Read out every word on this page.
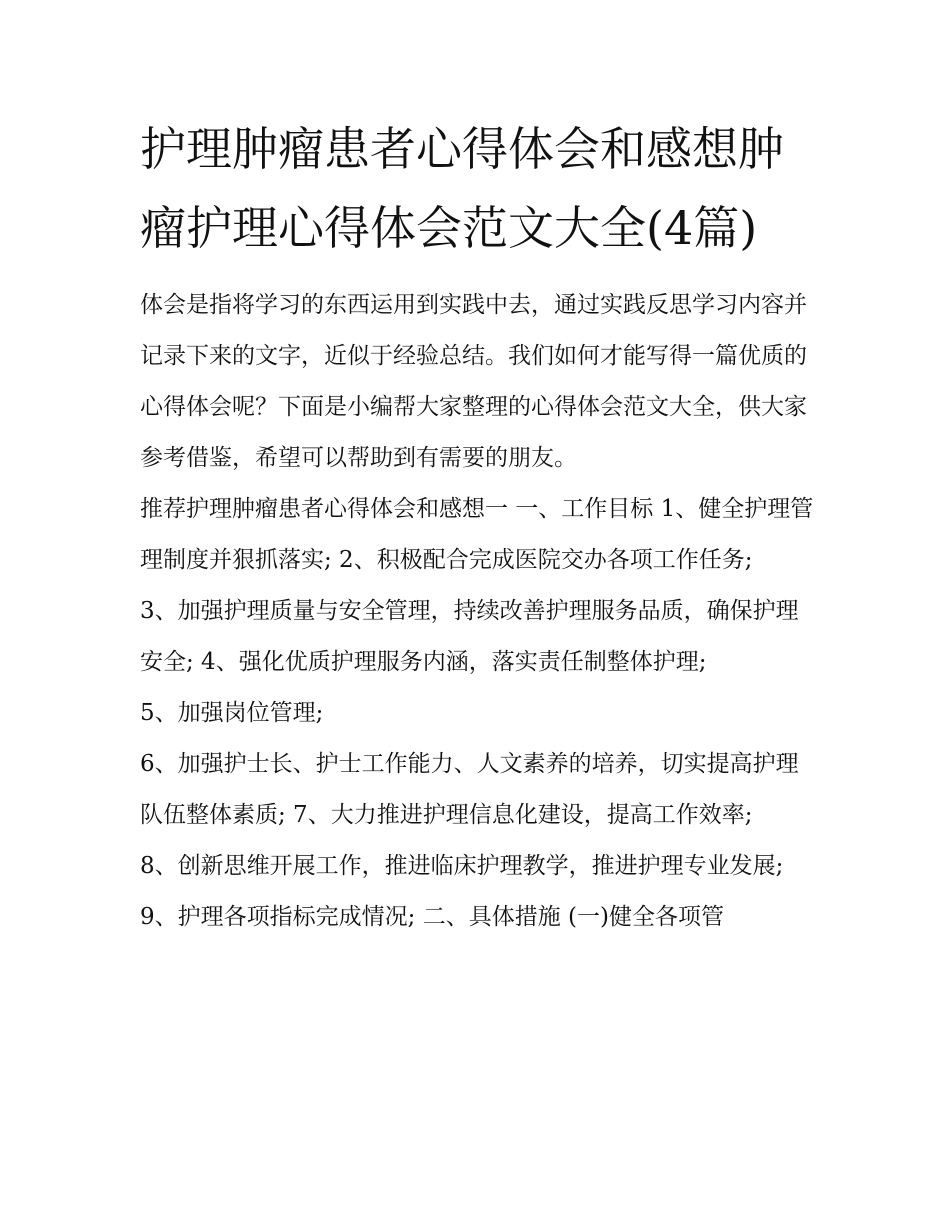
护理肿瘤患者心得体会和感想肿瘤护理心得体会范文大全(4篇)

体会是指将学习的东西运用到实践中去，通过实践反思学习内容并记录下来的文字，近似于经验总结。我们如何才能写得一篇优质的心得体会呢？下面是小编帮大家整理的心得体会范文大全，供大家参考借鉴，希望可以帮助到有需要的朋友。

推荐护理肿瘤患者心得体会和感想一 一、工作目标 1、健全护理管理制度并狠抓落实; 2、积极配合完成医院交办各项工作任务;

3、加强护理质量与安全管理，持续改善护理服务品质，确保护理安全; 4、强化优质护理服务内涵，落实责任制整体护理;

5、加强岗位管理;

6、加强护士长、护士工作能力、人文素养的培养，切实提高护理队伍整体素质; 7、大力推进护理信息化建设，提高工作效率;

8、创新思维开展工作，推进临床护理教学，推进护理专业发展; 9、护理各项指标完成情况; 二、具体措施 (一)健全各项管
